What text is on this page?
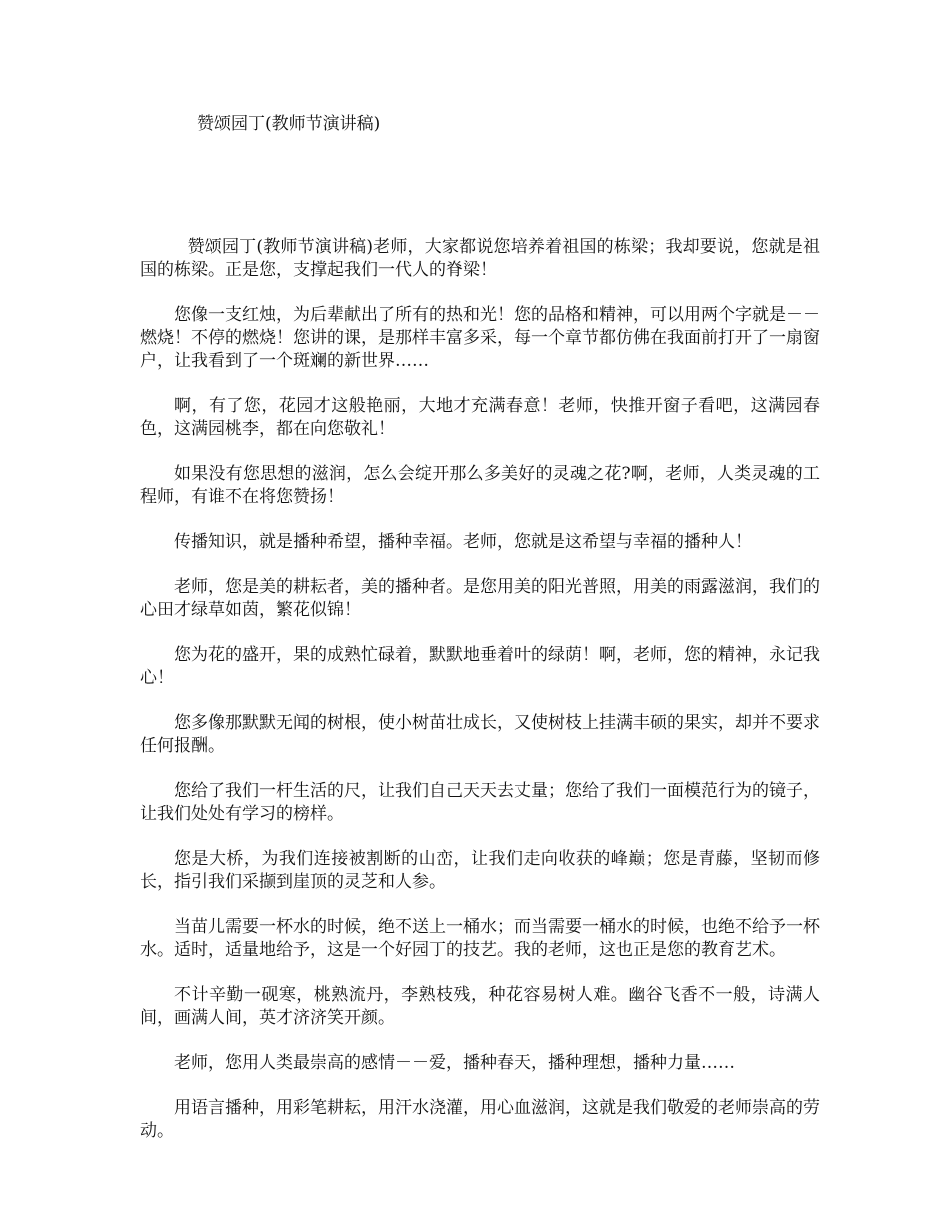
赞颂园丁(教师节演讲稿)

赞颂园丁(教师节演讲稿)老师，大家都说您培养着祖国的栋梁；我却要说，您就是祖国的栋梁。正是您，支撑起我们一代人的脊梁！

您像一支红烛，为后辈献出了所有的热和光！您的品格和精神，可以用两个字就是－－燃烧！不停的燃烧！您讲的课，是那样丰富多采，每一个章节都仿佛在我面前打开了一扇窗户，让我看到了一个斑斓的新世界……

啊，有了您，花园才这般艳丽，大地才充满春意！老师，快推开窗子看吧，这满园春色，这满园桃李，都在向您敬礼！

如果没有您思想的滋润，怎么会绽开那么多美好的灵魂之花?啊，老师，人类灵魂的工程师，有谁不在将您赞扬！

传播知识，就是播种希望，播种幸福。老师，您就是这希望与幸福的播种人！

老师，您是美的耕耘者，美的播种者。是您用美的阳光普照，用美的雨露滋润，我们的心田才绿草如茵，繁花似锦！

您为花的盛开，果的成熟忙碌着，默默地垂着叶的绿荫！啊，老师，您的精神，永记我心！

您多像那默默无闻的树根，使小树苗壮成长，又使树枝上挂满丰硕的果实，却并不要求任何报酬。

您给了我们一杆生活的尺，让我们自己天天去丈量；您给了我们一面模范行为的镜子，让我们处处有学习的榜样。

您是大桥，为我们连接被割断的山峦，让我们走向收获的峰巅；您是青藤，坚韧而修长，指引我们采撷到崖顶的灵芝和人参。

当苗儿需要一杯水的时候，绝不送上一桶水；而当需要一桶水的时候，也绝不给予一杯水。适时，适量地给予，这是一个好园丁的技艺。我的老师，这也正是您的教育艺术。

不计辛勤一砚寒，桃熟流丹，李熟枝残，种花容易树人难。幽谷飞香不一般，诗满人间，画满人间，英才济济笑开颜。

老师，您用人类最崇高的感情－－爱，播种春天，播种理想，播种力量……

用语言播种，用彩笔耕耘，用汗水浇灌，用心血滋润，这就是我们敬爱的老师崇高的劳动。
